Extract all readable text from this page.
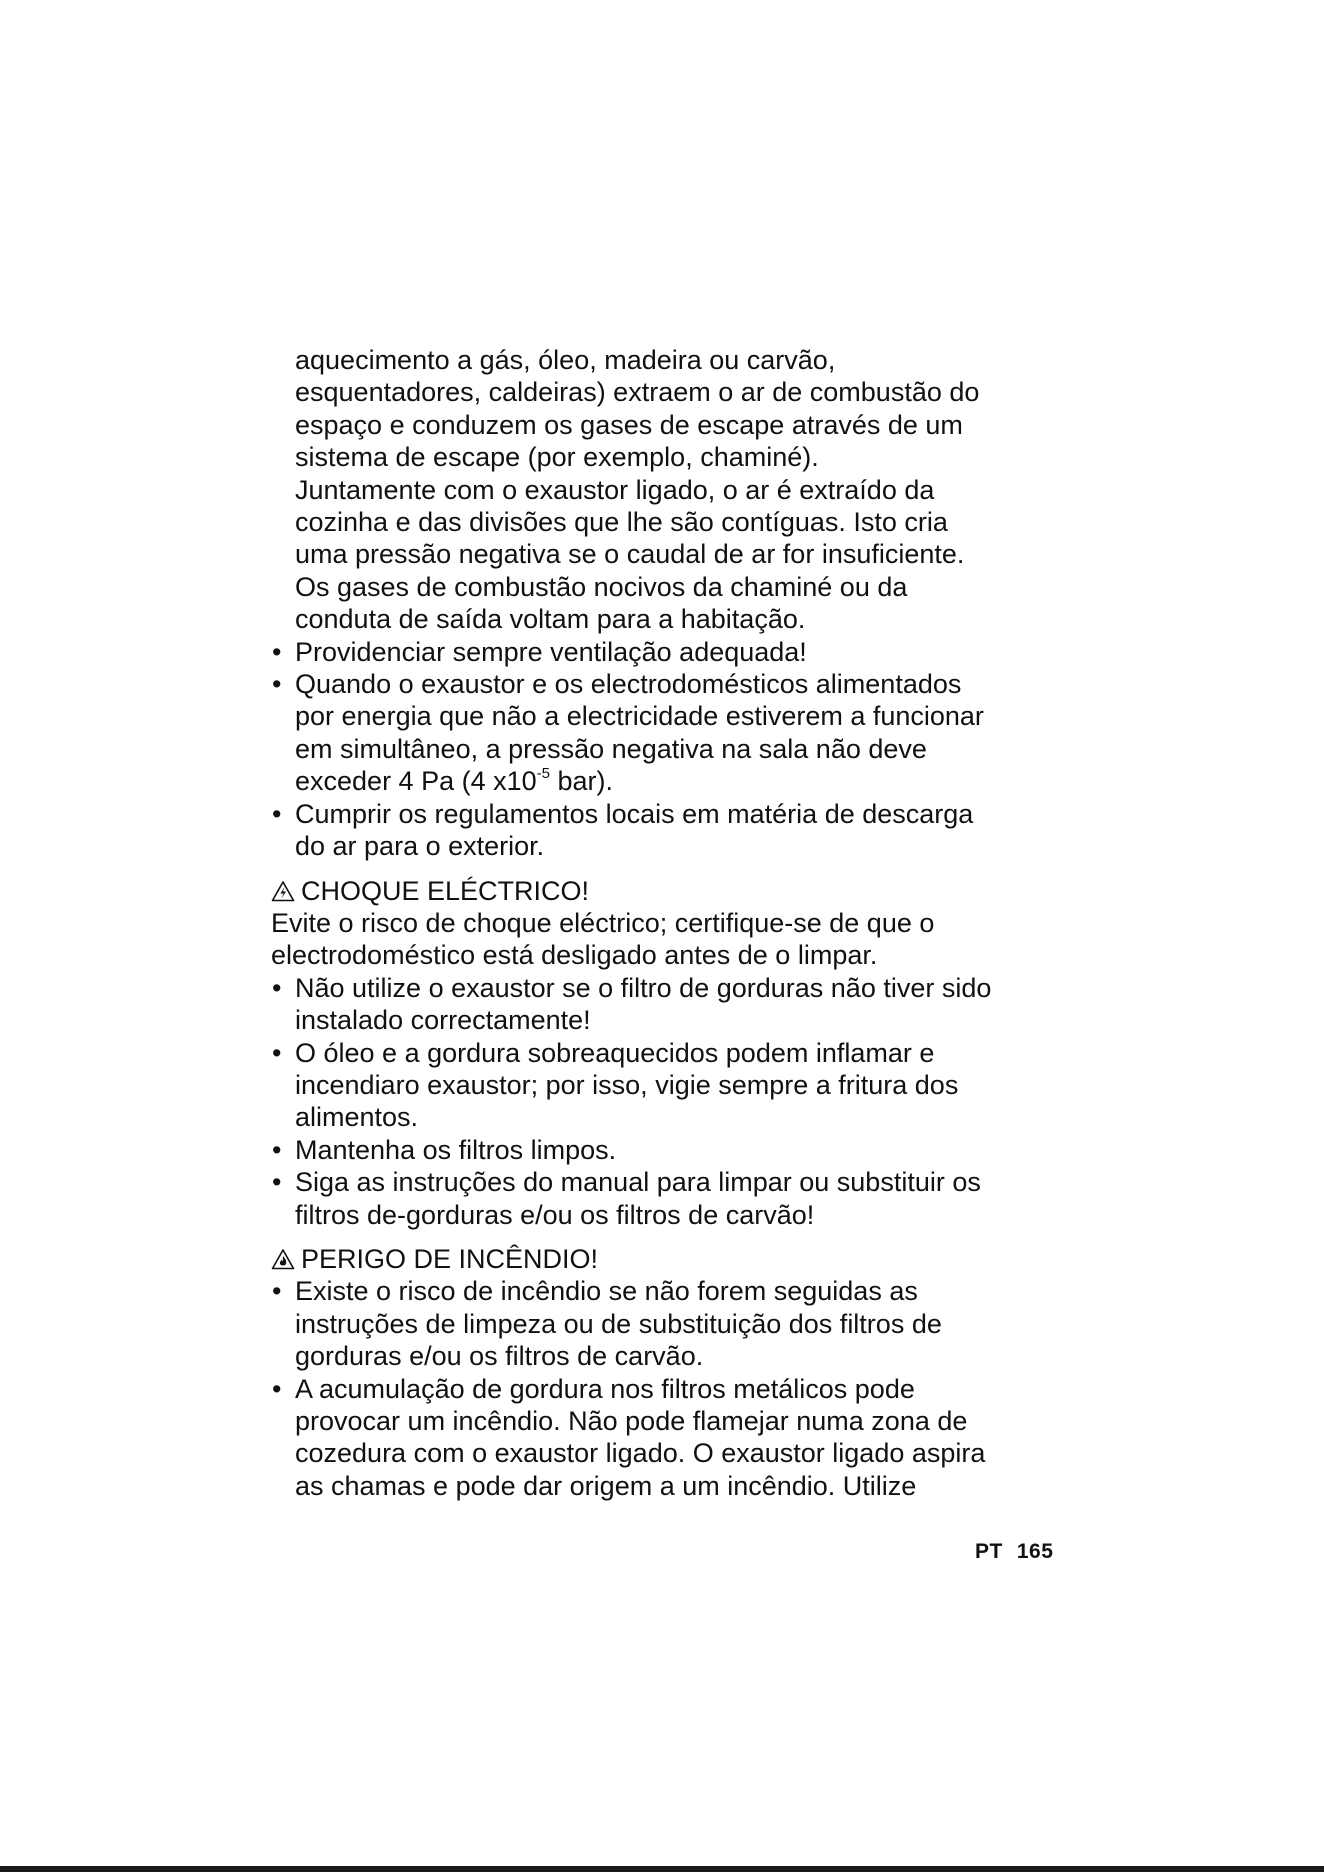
aquecimento a gás, óleo, madeira ou carvão,
esquentadores, caldeiras) extraem o ar de combustão do
espaço e conduzem os gases de escape através de um
sistema de escape (por exemplo, chaminé).
Juntamente com o exaustor ligado, o ar é extraído da
cozinha e das divisões que lhe são contíguas. Isto cria
uma pressão negativa se o caudal de ar for insuficiente.
Os gases de combustão nocivos da chaminé ou da
conduta de saída voltam para a habitação.
• Providenciar sempre ventilação adequada!
• Quando o exaustor e os electrodomésticos alimentados
por energia que não a electricidade estiverem a funcionar
em simultâneo, a pressão negativa na sala não deve
exceder 4 Pa (4 $x10^{-5}$ bar).
• Cumprir os regulamentos locais em matéria de descarga
do ar para o exterior.
CHOQUE ELÉCTRICO!
Evite o risco de choque eléctrico; certifique-se de que o
electrodoméstico está desligado antes de o limpar.
• Não utilize o exaustor se o filtro de gorduras não tiver sido
instalado correctamente!
• O óleo e a gordura sobreaquecidos podem inflamar e
incendiaro exaustor; por isso, vigie sempre a fritura dos
alimentos.
• Mantenha os filtros limpos.
• Siga as instruções do manual para limpar ou substituir os
filtros de-gorduras e/ou os filtros de carvão!
PERIGO DE INCÊNDIO!
• Existe o risco de incêndio se não forem seguidas as
instruções de limpeza ou de substituição dos filtros de
gorduras e/ou os filtros de carvão.
• A acumulação de gordura nos filtros metálicos pode
provocar um incêndio. Não pode flamejar numa zona de
cozedura com o exaustor ligado. O exaustor ligado aspira
as chamas e pode dar origem a um incêndio. Utilize
PT 165
